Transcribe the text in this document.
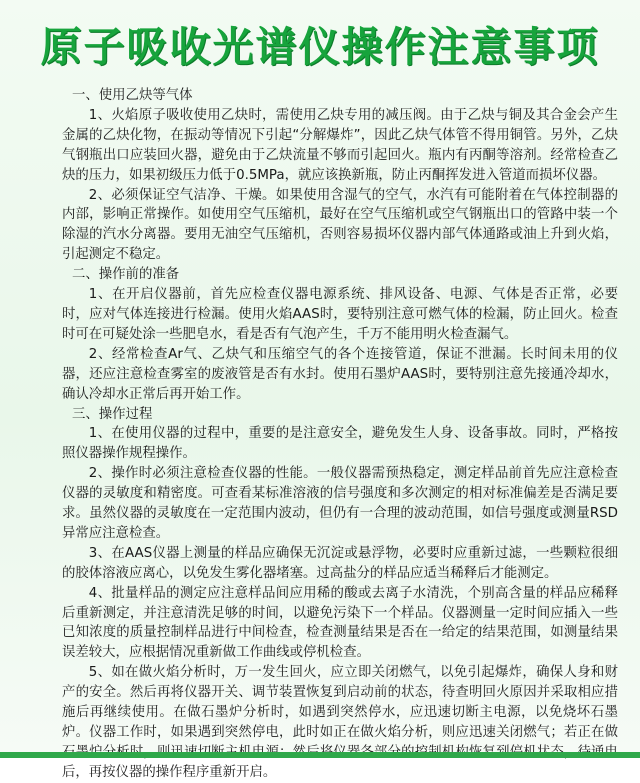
原子吸收光谱仪操作注意事项

一、使用乙炔等气体

1、火焰原子吸收使用乙炔时，需使用乙炔专用的减压阀。由于乙炔与铜及其合金会产生金属的乙炔化物，在振动等情况下引起“分解爆炸”，因此乙炔气体管不得用铜管。另外，乙炔气钢瓶出口应装回火器，避免由于乙炔流量不够而引起回火。瓶内有丙酮等溶剂。经常检查乙炔的压力，如果初级压力低于0.5MPa，就应该换新瓶，防止丙酮挥发进入管道而损坏仪器。

2、必须保证空气洁净、干燥。如果使用含湿气的空气，水汽有可能附着在气体控制器的内部，影响正常操作。如使用空气压缩机，最好在空气压缩机或空气钢瓶出口的管路中装一个除湿的汽水分离器。要用无油空气压缩机，否则容易损坏仪器内部气体通路或油上升到火焰，引起测定不稳定。

二、操作前的准备

1、在开启仪器前，首先应检查仪器电源系统、排风设备、电源、气体是否正常，必要时，应对气体连接进行检漏。使用火焰AAS时，要特别注意可燃气体的检漏，防止回火。检查时可在可疑处涂一些肥皂水，看是否有气泡产生，千万不能用明火检查漏气。

2、经常检查Ar气、乙炔气和压缩空气的各个连接管道，保证不泄漏。长时间未用的仪器，还应注意检查雾室的废液管是否有水封。使用石墨炉AAS时，要特别注意先接通冷却水，确认冷却水正常后再开始工作。

三、操作过程

1、在使用仪器的过程中，重要的是注意安全，避免发生人身、设备事故。同时，严格按照仪器操作规程操作。

2、操作时必须注意检查仪器的性能。一般仪器需预热稳定，测定样品前首先应注意检查仪器的灵敏度和精密度。可查看某标准溶液的信号强度和多次测定的相对标准偏差是否满足要求。虽然仪器的灵敏度在一定范围内波动，但仍有一合理的波动范围，如信号强度或测量RSD异常应注意检查。

3、在AAS仪器上测量的样品应确保无沉淀或悬浮物，必要时应重新过滤，一些颗粒很细的胶体溶液应离心，以免发生雾化器堵塞。过高盐分的样品应适当稀释后才能测定。

4、批量样品的测定应注意样品间应用稀的酸或去离子水清洗，个别高含量的样品应稀释后重新测定，并注意清洗足够的时间，以避免污染下一个样品。仪器测量一定时间应插入一些已知浓度的质量控制样品进行中间检查，检查测量结果是否在一给定的结果范围，如测量结果误差较大，应根据情况重新做工作曲线或停机检查。

5、如在做火焰分析时，万一发生回火，应立即关闭燃气，以免引起爆炸，确保人身和财产的安全。然后再将仪器开关、调节装置恢复到启动前的状态，待查明回火原因并采取相应措施后再继续使用。在做石墨炉分析时，如遇到突然停水，应迅速切断主电源，以免烧坏石墨炉。仪器工作时，如果遇到突然停电，此时如正在做火焰分析，则应迅速关闭燃气；若正在做 后，再按仪器的操作程序重新开启。
